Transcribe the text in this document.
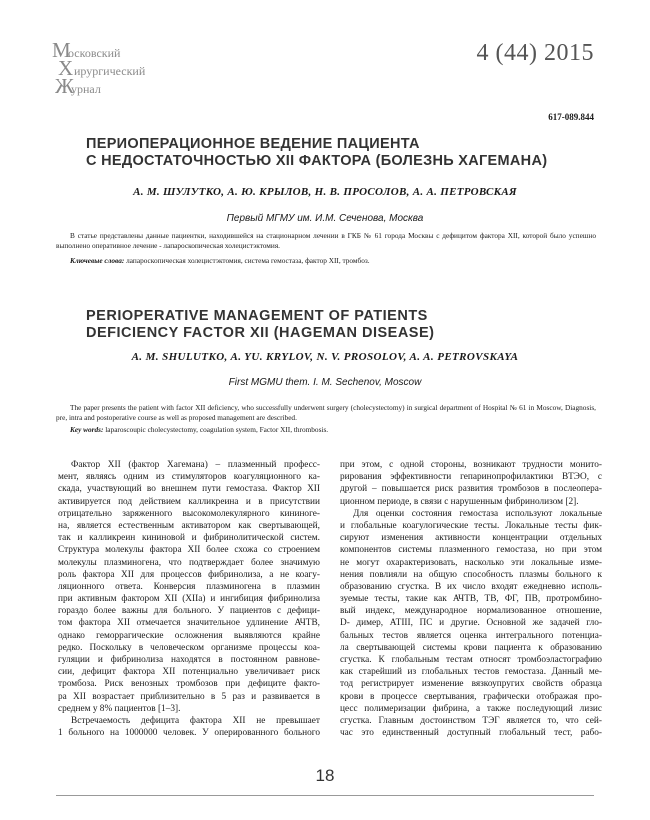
М
Х
Ж
осковский
ирургический
урнал
4 (44) 2015
617-089.844
ПЕРИОПЕРАЦИОННОЕ ВЕДЕНИЕ ПАЦИЕНТА
С НЕДОСТАТОЧНОСТЬЮ XII ФАКТОРА (БОЛЕЗНЬ ХАГЕМАНА)
А. М. ШУЛУТКО, А. Ю. КРЫЛОВ, Н. В. ПРОСОЛОВ, А. А. ПЕТРОВСКАЯ
Первый МГМУ им. И.М. Сеченова, Москва
В статье представлены данные пациентки, находившейся на стационарном лечении в ГКБ № 61 города Москвы с дефицитом фактора XII, которой было успешно выполнено оперативное лечение - лапароскопическая холецистэктомия.
Ключевые слова: лапароскопическая холецистэктомия, система гемостаза, фактор XII, тромбоз.
PERIOPERATIVE MANAGEMENT OF PATIENTS
DEFICIENCY FACTOR XII (HAGEMAN DISEASE)
A. M. SHULUTKO, A. YU. KRYLOV, N. V. PROSOLOV, A. A. PETROVSKAYA
First MGMU them. I. M. Sechenov, Moscow
The paper presents the patient with factor XII deficiency, who successfully underwent surgery (cholecystectomy) in surgical department of Hospital № 61 in Moscow, Diagnosis, pre, intra and postoperative course as well as proposed management are described.
Key words: laparoscoupic cholecystectomy, coagulation system, Factor XII, thrombosis.
Фактор XII (фактор Хагемана) – плазменный професс-
мент, являясь одним из стимуляторов коагуляционного ка-
скада, участвующий во внешнем пути гемостаза. Фактор XII
активируется под действием калликреина и в присутствии
отрицательно заряженного высокомолекулярного кининоге-
на, является естественным активатором как свертывающей,
так и калликреин кининовой и фибринолитической систем.
Структура молекулы фактора XII более схожа со строением
молекулы плазминогена, что подтверждает более значимую
роль фактора XII для процессов фибринолиза, а не коагу-
ляционного ответа. Конверсия плазминогена в плазмин
при активным фактором XII (XIIa) и ингибиция фибринолиза
гораздо более важны для больного. У пациентов с дефици-
том фактора XII отмечается значительное удлинение АЧТВ,
однако геморрагические осложнения выявляются крайне
редко. Поскольку в человеческом организме процессы коа-
гуляции и фибринолиза находятся в постоянном равнове-
сии, дефицит фактора XII потенциально увеличивает риск
тромбоза. Риск венозных тромбозов при дефиците факто-
ра XII возрастает приблизительно в 5 раз и развивается в
среднем у 8% пациентов [1–3].
Встречаемость дефицита фактора XII не превышает
1 больного на 1000000 человек. У оперированного больного
при этом, с одной стороны, возникают трудности монито-
рирования эффективности гепаринопрофилактики ВТЭО, с
другой – повышается риск развития тромбозов в послеопера-
ционном периоде, в связи с нарушенным фибринолизом [2].
Для оценки состояния гемостаза используют локальные
и глобальные коагулогические тесты. Локальные тесты фик-
сируют изменения активности концентрации отдельных
компонентов системы плазменного гемостаза, но при этом
не могут охарактеризовать, насколько эти локальные изме-
нения повлияли на общую способность плазмы больного к
образованию сгустка. В их число входят ежедневно исполь-
зуемые тесты, такие как АЧТВ, ТВ, ФГ, ПВ, протромбино-
вый индекс, международное нормализованное отношение,
D- димер, АТIII, ПС и другие. Основной же задачей гло-
бальных тестов является оценка интегрального потенциа-
ла свертывающей системы крови пациента к образованию
сгустка. К глобальным тестам относят тромбоэластографию
как старейший из глобальных тестов гемостаза. Данный ме-
тод регистрирует изменение вязкоупругих свойств образца
крови в процессе свертывания, графически отображая про-
цесс полимеризации фибрина, а также последующий лизис
сгустка. Главным достоинством ТЭГ является то, что сей-
час это единственный доступный глобальный тест, рабо-
18
